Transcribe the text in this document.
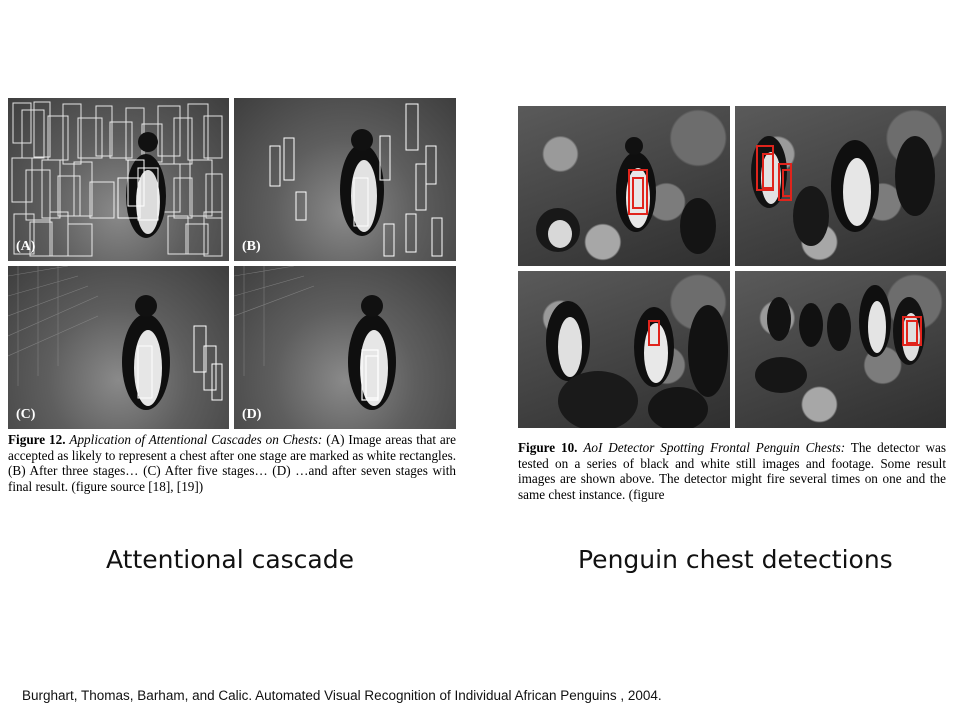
(A)	(B)
(C)	(D)
Figure 12. Application of Attentional Cascades on Chests: (A) Image areas that are accepted as likely to represent a chest after one stage are marked as white rectangles. (B) After three stages… (C) After five stages… (D) …and after seven stages with final result. (figure source [18], [19])
Figure 10. AoI Detector Spotting Frontal Penguin Chests: The detector was tested on a series of black and white still images and footage. Some result images are shown above. The detector might fire several times on one and the same chest instance. (figure
Attentional cascade	Penguin chest detections
Burghart, Thomas, Barham, and Calic. Automated Visual Recognition of Individual African Penguins , 2004.
